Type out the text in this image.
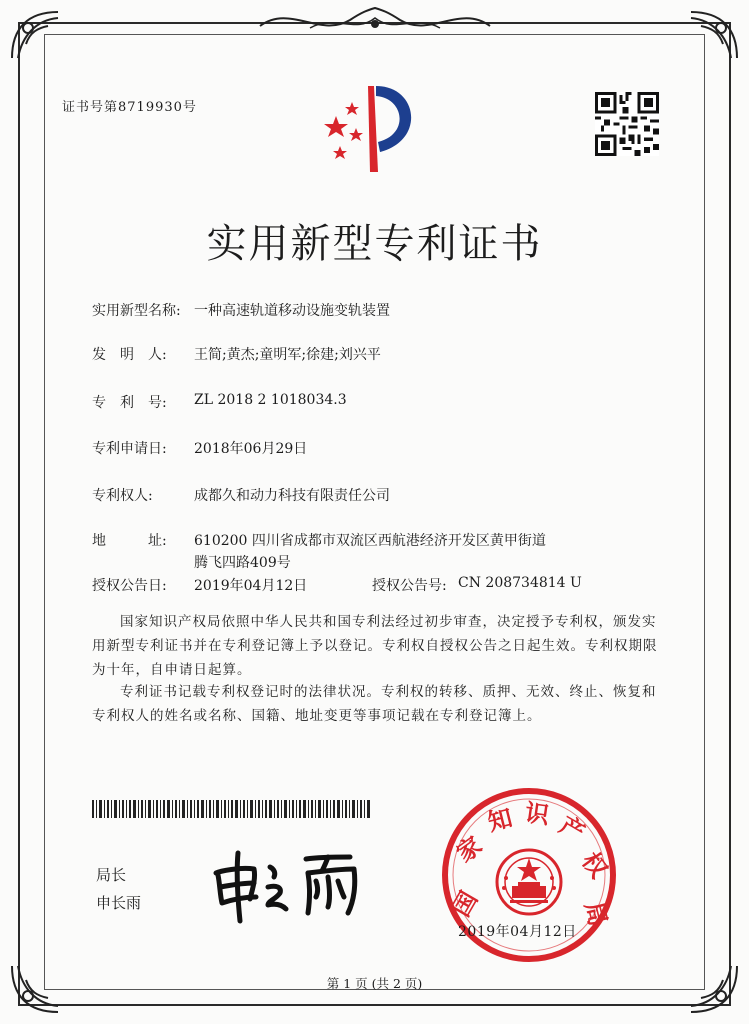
证书号第8719930号
实用新型专利证书
实用新型名称: 一种高速轨道移动设施变轨装置
发　明　人: 王简;黄杰;童明军;徐建;刘兴平
专　利　号: ZL 2018 2 1018034.3
专利申请日: 2018年06月29日
专利权人:	成都久和动力科技有限责任公司
地　　　址: 610200 四川省成都市双流区西航港经济开发区黄甲街道
腾飞四路409号
授权公告日: 2019年04月12日	授权公告号: CN 208734814 U
国家知识产权局依照中华人民共和国专利法经过初步审查，决定授予专利权，颁发实用新型专利证书并在专利登记簿上予以登记。专利权自授权公告之日起生效。专利权期限为十年，自申请日起算。
专利证书记载专利权登记时的法律状况。专利权的转移、质押、无效、终止、恢复和专利权人的姓名或名称、国籍、地址变更等事项记载在专利登记簿上。
局长
申长雨	国
家
知 识 产
权
局
2019年04月12日
第 1 页 (共 2 页)
